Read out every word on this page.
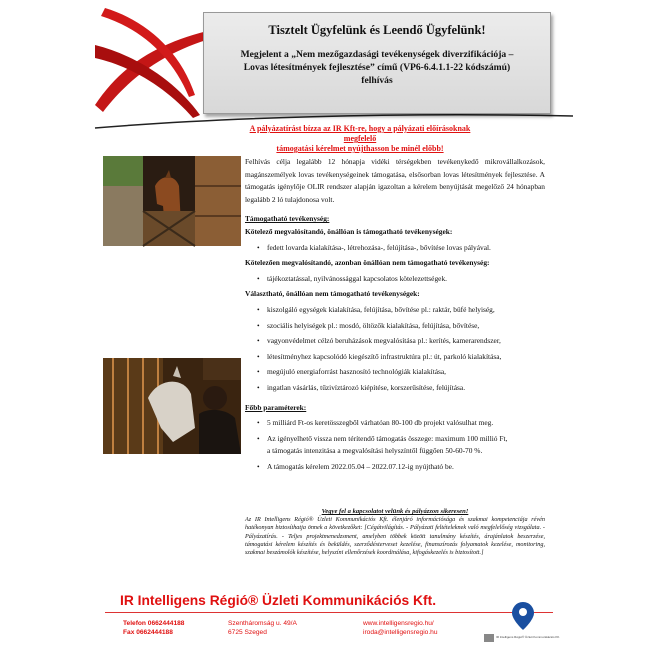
Tisztelt Ügyfelünk és Leendő Ügyfelünk!
Megjelent a „Nem mezőgazdasági tevékenységek diverzifikációja –
Lovas létesítmények fejlesztése” című (VP6-6.4.1.1-22 kódszámú)
felhívás
A pályázatírást bízza az IR Kft-re, hogy a pályázati előírásoknak megfelelő
támogatási kérelmet nyújthasson be minél előbb!
Felhívás célja legalább 12 hónapja vidéki térségekben tevékenykedő mikrovállalkozások, magánszemélyek lovas tevékenységeinek támogatása, elsősorban lovas létesítmények fejlesztése. A támogatás igénylője OLIR rendszer alapján igazoltan a kérelem benyújtását megelőző 24 hónapban legalább 2 ló tulajdonosa volt.
Támogatható tevékenység:
Kötelező megvalósítandó, önállóan is támogatható tevékenységek:
• fedett lovarda kialakítása-, létrehozása-, felújítása-, bővítése lovas pályával.
Kötelezően megvalósítandó, azonban önállóan nem támogatható tevékenység:
• tájékoztatással, nyilvánossággal kapcsolatos kötelezettségek.
Választható, önállóan nem támogatható tevékenységek:
• kiszolgáló egységek kialakítása, felújítása, bővítése pl.: raktár, büfé helyiség,
• szociális helyiségek pl.: mosdó, öltözők kialakítása, felújítása, bővítése,
• vagyonvédelmet célzó beruházások megvalósítása pl.: kerítés, kamerarendszer,
• létesítményhez kapcsolódó kiegészítő infrastruktúra pl.: út, parkoló kialakítása,
• megújuló energiaforrást hasznosító technológiák kialakítása,
• ingatlan vásárlás, tűzivíztározó kiépítése, korszerűsítése, felújítása.
Főbb paraméterek:
• 5 milliárd Ft-os keretösszegből várhatóan 80-100 db projekt valósulhat meg.
• Az igényelhető vissza nem térítendő támogatás összege: maximum 100 millió Ft,
a támogatás intenzitása a megvalósítási helyszíntől függően 50-60-70 %.
• A támogatás kérelem 2022.05.04 – 2022.07.12-ig nyújtható be.
Vegye fel a kapcsolatot velünk és pályázzon sikeresen!
Az IR Intelligens Régió® Üzleti Kommunikációs Kft. élenjáró információsága és szakmai kompetenciája révén hatékonyan biztosíthatja önnek a következőket: [Cégátvilágítás. - Pályázati feltételeknek való megfelelőség vizsgálata. - Pályázatírás. - Teljes projektmenedzsment, amelyben többek között tanulmány készítés, árajánlatok beszerzése, támogatási kérelem készítés és beküldés, szerződésterveset kezelése, finanszírozás folyamatok kezelése, monitoring, szakmai beszámolók készítése, helyszíni ellenőrzések koordinálása, kifogáskezelés is biztosított.]
IR Intelligens Régió® Üzleti Kommunikációs Kft.
Telefon 0662444188
Fax 0662444188
Szentháromság u. 49/A
6725 Szeged
www.intelligensregio.hu/
iroda@intelligensregio.hu
IR Intelligens Régió® Üzleti Kommunikációs Kft.
